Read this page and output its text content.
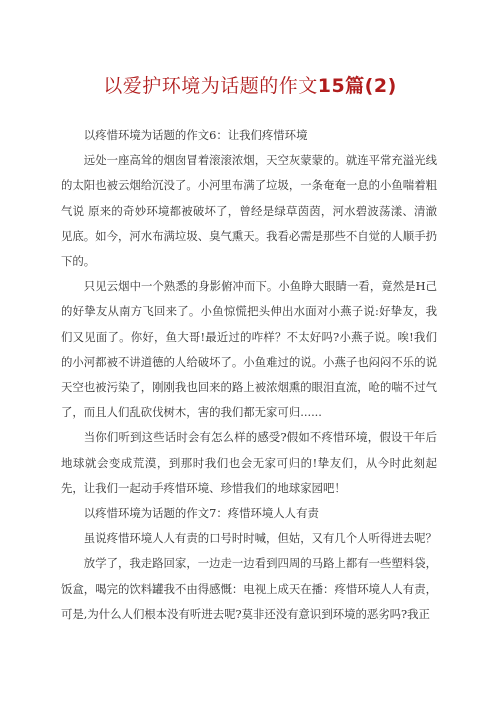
以爱护环境为话题的作文15篇(2)

以疼惜环境为话题的作文6：让我们疼惜环境

远处一座高耸的烟囱冒着滚滚浓烟，天空灰蒙蒙的。就连平常充溢光线的太阳也被云烟给沉没了。小河里布满了垃圾，一条奄奄一息的小鱼喘着粗气说 原来的奇妙环境都被破坏了，曾经是绿草茵茵，河水碧波荡漾、清澈见底。如今，河水布满垃圾、臭气熏天。我看必需是那些不自觉的人顺手扔下的。

只见云烟中一个熟悉的身影俯冲而下。小鱼睁大眼睛一看，竟然是H己的好挚友从南方飞回来了。小鱼惊慌把头伸出水面对小燕子说:好挚友，我们又见面了。你好，鱼大哥!最近过的咋样？不太好吗?小燕子说。唉!我们的小河都被不讲道德的人给破坏了。小鱼难过的说。小燕子也闷闷不乐的说天空也被污染了，刚刚我也回来的路上被浓烟熏的眼泪直流，呛的喘不过气了，而且人们乱砍伐树木，害的我们都无家可归......

当你们听到这些话时会有怎么样的感受?假如不疼惜环境，假设干年后地球就会变成荒漠，到那时我们也会无家可归的!挚友们，从今时此刻起先，让我们一起动手疼惜环境、珍惜我们的地球家园吧！

以疼惜环境为话题的作文7：疼惜环境人人有责

虽说疼惜环境人人有责的口号时时喊，但姑，又有几个人听得进去呢？

放学了，我走路回家，一边走一边看到四周的马路上都有一些塑料袋，饭盒，喝完的饮料罐我不由得感慨：电视上成天在播：疼惜环境人人有责，可是,为什么人们根本没有听进去呢?莫非还没有意识到环境的恶劣吗?我正
